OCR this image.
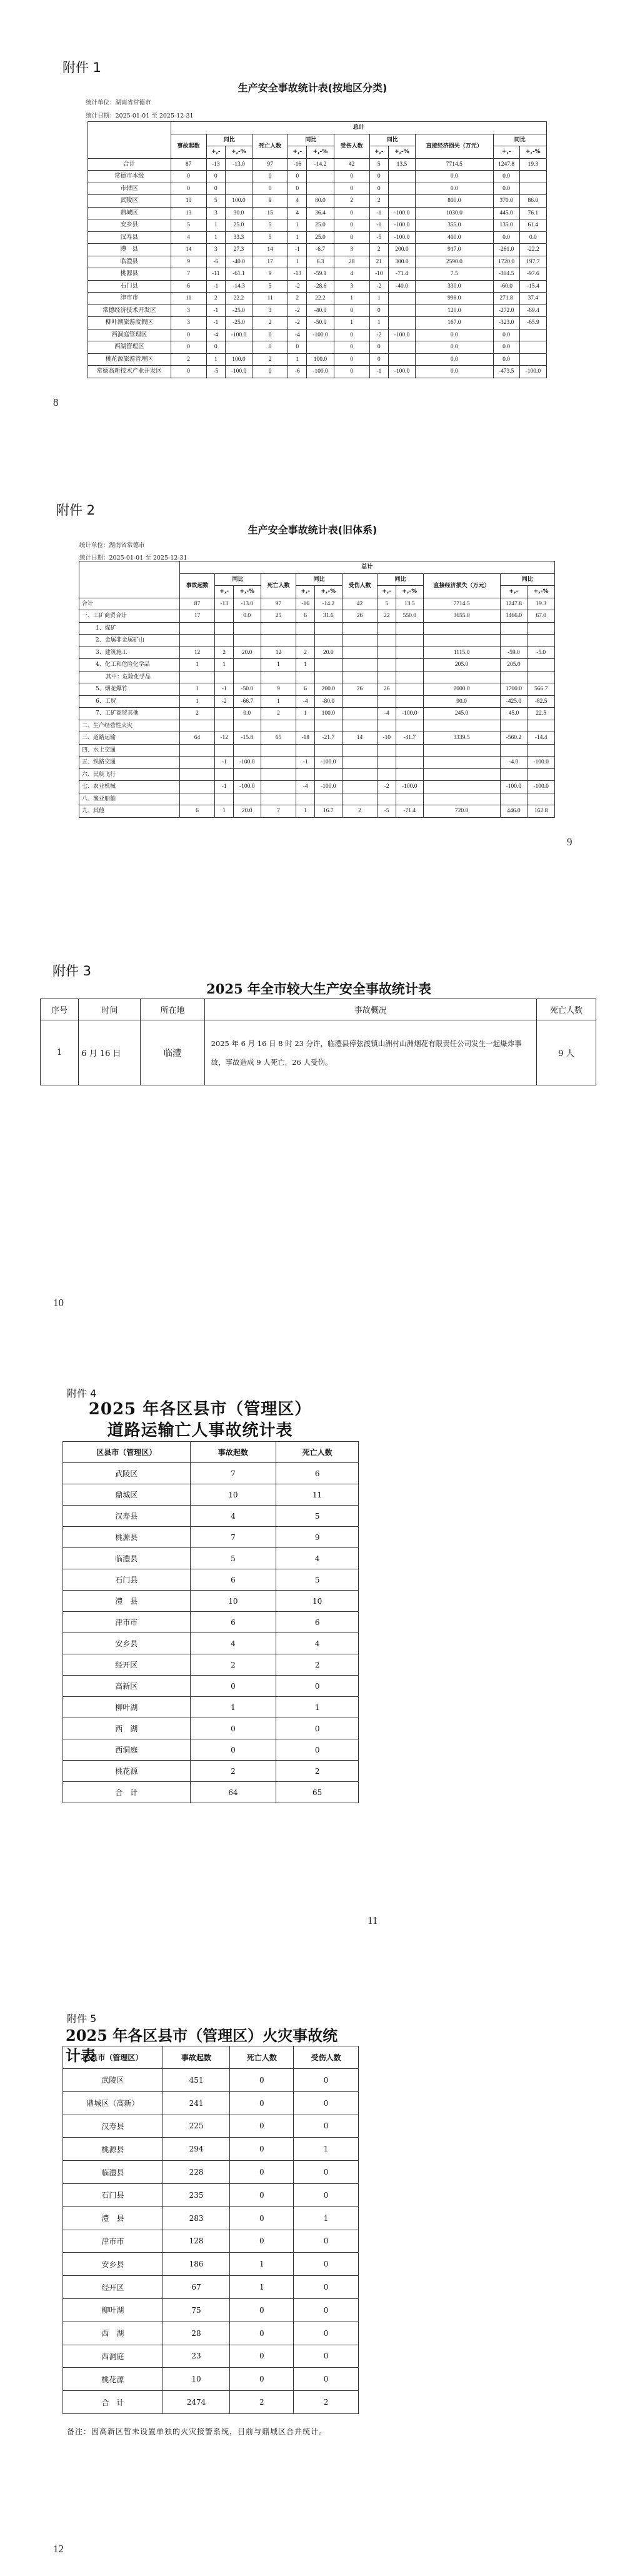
附件 1
生产安全事故统计表(按地区分类)
统计单位：湖南省常德市
统计日期：2025-01-01 至 2025-12-31
	总计											
	事故起数	同比		死亡人数	同比		受伤人数	同比		直接经济损失（万元）	同比	
		+,-	+,-%		+,-	+,-%		+,-	+,-%		+,-	+,-%
合计	87	-13	-13.0	97	-16	-14.2	42	5	13.5	7714.5	1247.8	19.3
常德市本级	0	0		0	0		0	0		0.0	0.0	
市辖区	0	0		0	0		0	0		0.0	0.0	
武陵区	10	5	100.0	9	4	80.0	2	2		800.0	370.0	86.0
鼎城区	13	3	30.0	15	4	36.4	0	-1	-100.0	1030.0	445.0	76.1
安乡县	5	1	25.0	5	1	25.0	0	-1	-100.0	355.0	135.0	61.4
汉寿县	4	1	33.3	5	1	25.0	0	-5	-100.0	400.0	0.0	0.0
澧　县	14	3	27.3	14	-1	-6.7	3	2	200.0	917.0	-261.0	-22.2
临澧县	9	-6	-40.0	17	1	6.3	28	21	300.0	2590.0	1720.0	197.7
桃源县	7	-11	-61.1	9	-13	-59.1	4	-10	-71.4	7.5	-304.5	-97.6
石门县	6	-1	-14.3	5	-2	-28.6	3	-2	-40.0	330.0	-60.0	-15.4
津市市	11	2	22.2	11	2	22.2	1	1		998.0	271.8	37.4
常德经济技术开发区	3	-1	-25.0	3	-2	-40.0	0	0		120.0	-272.0	-69.4
柳叶湖旅游度假区	3	-1	-25.0	2	-2	-50.0	1	1		167.0	-323.0	-65.9
西洞庭管理区	0	-4	-100.0	0	-4	-100.0	0	-2	-100.0	0.0	0.0	
西湖管理区	0	0		0	0		0	0		0.0	0.0	
桃花源旅游管理区	2	1	100.0	2	1	100.0	0	0		0.0	0.0	
常德高新技术产业开发区	0	-5	-100.0	0	-6	-100.0	0	-1	-100.0	0.0	-473.5	-100.0
8
附件 2
生产安全事故统计表(旧体系)
统计单位：湖南省常德市
统计日期：2025-01-01 至 2025-12-31
	总计											
	事故起数	同比		死亡人数	同比		受伤人数	同比		直接经济损失（万元）	同比	
		+,-	+,-%		+,-	+,-%		+,-	+,-%		+,-	+,-%
合计	87	-13	-13.0	97	-16	-14.2	42	5	13.5	7714.5	1247.8	19.3
一、工矿商贸合计	17		0.0	25	6	31.6	26	22	550.0	3655.0	1466.0	67.0
1、煤矿												
2、金属非金属矿山												
3、建筑施工	12	2	20.0	12	2	20.0				1115.0	-59.0	-5.0
4、化工和危险化学品	1	1		1	1					205.0	205.0	
其中：危险化学品												
5、烟花爆竹	1	-1	-50.0	9	6	200.0	26	26		2000.0	1700.0	566.7
6、工贸	1	-2	-66.7	1	-4	-80.0				90.0	-425.0	-82.5
7、工矿商贸其他	2		0.0	2	1	100.0		-4	-100.0	245.0	45.0	22.5
二、生产经营性火灾												
三、道路运输	64	-12	-15.8	65	-18	-21.7	14	-10	-41.7	3339.5	-560.2	-14.4
四、水上交通												
五、铁路交通		-1	-100.0		-1	-100.0					-4.0	-100.0
六、民航飞行												
七、农业机械		-1	-100.0		-4	-100.0		-2	-100.0		-100.0	-100.0
八、渔业船舶												
九、其他	6	1	20.0	7	1	16.7	2	-5	-71.4	720.0	446.0	162.8
9
附件 3
2025 年全市较大生产安全事故统计表
序号	时间	所在地	事故概况	死亡人数
1	6 月 16 日	临澧	2025 年 6 月 16 日 8 时 23 分许，临澧县停弦渡镇山洲村山洲烟花有限责任公司发生一起爆炸事故，事故造成 9 人死亡，26 人受伤。	9 人
10
附件 4
2025 年各区县市（管理区）
道路运输亡人事故统计表
区县市（管理区）	事故起数	死亡人数
武陵区	7	6
鼎城区	10	11
汉寿县	4	5
桃源县	7	9
临澧县	5	4
石门县	6	5
澧　县	10	10
津市市	6	6
安乡县	4	4
经开区	2	2
高新区	0	0
柳叶湖	1	1
西　湖	0	0
西洞庭	0	0
桃花源	2	2
合　计	64	65
11
附件 5
2025 年各区县市（管理区）火灾事故统计表
区县市（管理区）	事故起数	死亡人数	受伤人数
武陵区	451	0	0
鼎城区（高新）	241	0	0
汉寿县	225	0	0
桃源县	294	0	1
临澧县	228	0	0
石门县	235	0	0
澧　县	283	0	1
津市市	128	0	0
安乡县	186	1	0
经开区	67	1	0
柳叶湖	75	0	0
西　湖	28	0	0
西洞庭	23	0	0
桃花源	10	0	0
合　计	2474	2	2
备注：因高新区暂未设置单独的火灾接警系统，目前与鼎城区合并统计。
12
